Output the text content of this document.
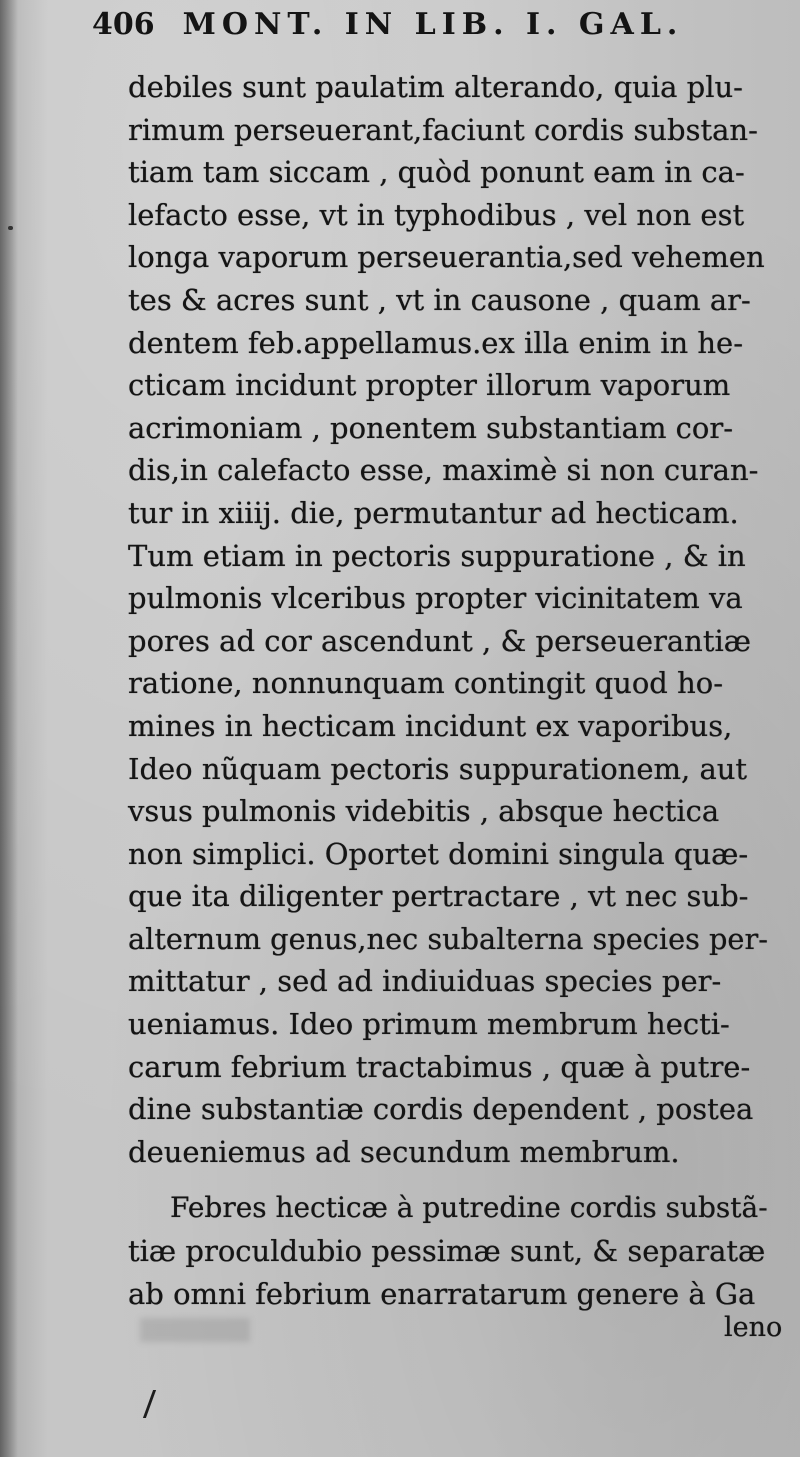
406 MONT. IN LIB. I. GAL.
debiles sunt paulatim alterando, quia plu-
rimum perseuerant,faciunt cordis substan-
tiam tam siccam , quòd ponunt eam in ca-
lefacto esse, vt in typhodibus , vel non est
longa vaporum perseuerantia,sed vehemen
tes & acres sunt , vt in causone , quam ar-
dentem feb.appellamus.ex illa enim in he-
cticam incidunt propter illorum vaporum
acrimoniam , ponentem substantiam cor-
dis,in calefacto esse, maximè si non curan-
tur in xiiij. die, permutantur ad hecticam.
Tum etiam in pectoris suppuratione , & in
pulmonis vlceribus propter vicinitatem va
pores ad cor ascendunt , & perseuerantiæ
ratione, nonnunquam contingit quod ho-
mines in hecticam incidunt ex vaporibus,
Ideo nũquam pectoris suppurationem, aut
vsus pulmonis videbitis , absque hectica
non simplici. Oportet domini singula quæ-
que ita diligenter pertractare , vt nec sub-
alternum genus,nec subalterna species per-
mittatur , sed ad indiuiduas species per-
ueniamus. Ideo primum membrum hecti-
carum febrium tractabimus , quæ à putre-
dine substantiæ cordis dependent , postea
deueniemus ad secundum membrum.
Febres hecticæ à putredine cordis substã-
tiæ proculdubio pessimæ sunt, & separatæ
ab omni febrium enarratarum genere à Ga
leno
